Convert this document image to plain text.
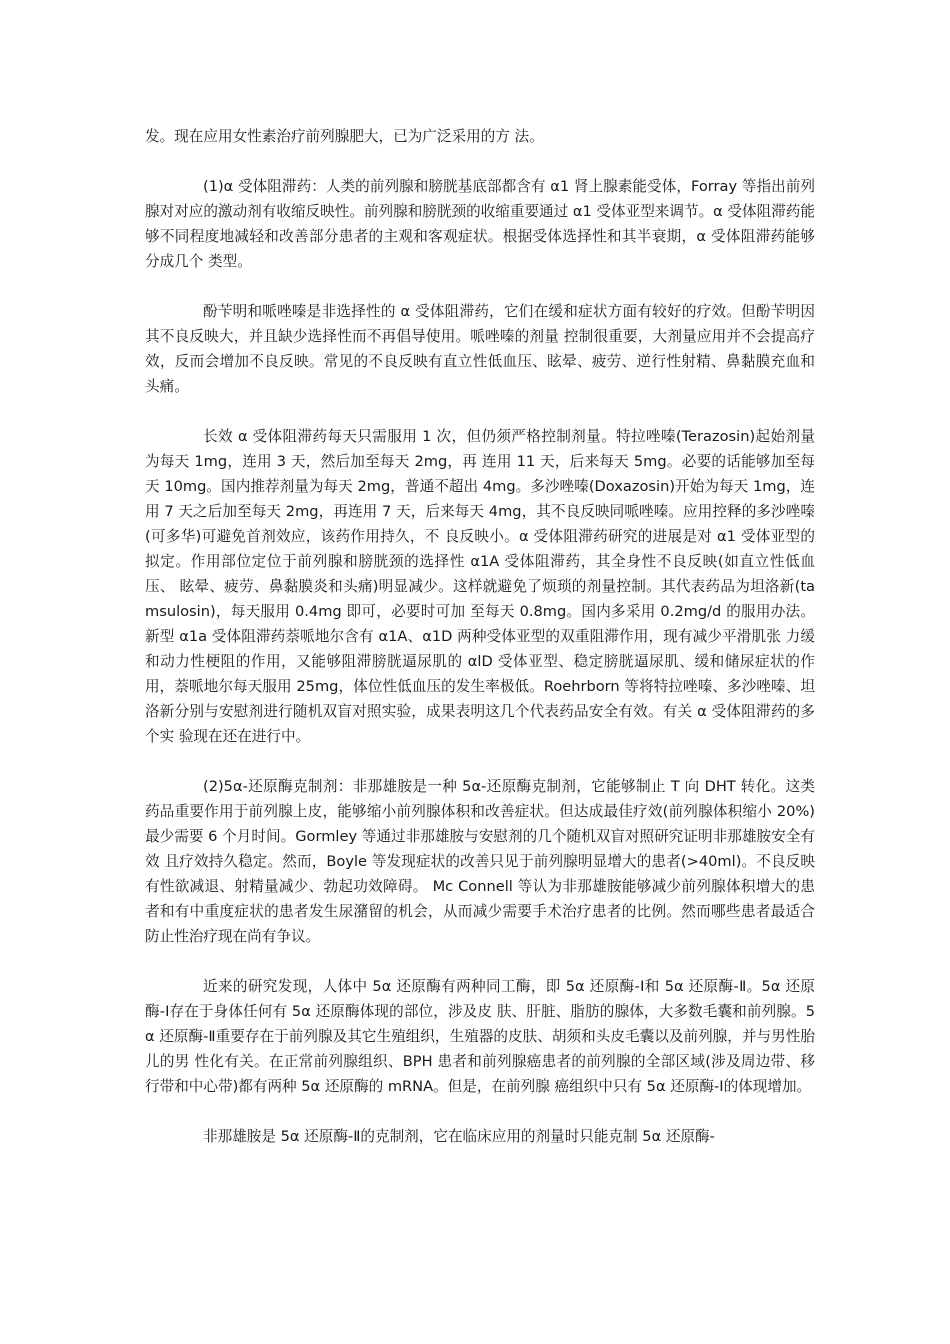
发。现在应用女性素治疗前列腺肥大，已为广泛采用的方 法。

(1)α 受体阻滞药：人类的前列腺和膀胱基底部都含有 α1 肾上腺素能受体，Forray 等指出前列腺对对应的激动剂有收缩反映性。前列腺和膀胱颈的收缩重要通过 α1 受体亚型来调节。α 受体阻滞药能够不同程度地减轻和改善部分患者的主观和客观症状。根据受体选择性和其半衰期，α 受体阻滞药能够分成几个 类型。

酚苄明和哌唑嗪是非选择性的 α 受体阻滞药，它们在缓和症状方面有较好的疗效。但酚苄明因其不良反映大，并且缺少选择性而不再倡导使用。哌唑嗪的剂量 控制很重要，大剂量应用并不会提高疗效，反而会增加不良反映。常见的不良反映有直立性低血压、眩晕、疲劳、逆行性射精、鼻黏膜充血和头痛。

长效 α 受体阻滞药每天只需服用 1 次，但仍须严格控制剂量。特拉唑嗪(Terazosin)起始剂量为每天 1mg，连用 3 天，然后加至每天 2mg，再 连用 11 天，后来每天 5mg。必要的话能够加至每天 10mg。国内推荐剂量为每天 2mg，普通不超出 4mg。多沙唑嗪(Doxazosin)开始为每天 1mg，连用 7 天之后加至每天 2mg，再连用 7 天，后来每天 4mg，其不良反映同哌唑嗪。应用控释的多沙唑嗪(可多华)可避免首剂效应，该药作用持久，不 良反映小。α 受体阻滞药研究的进展是对 α1 受体亚型的拟定。作用部位定位于前列腺和膀胱颈的选择性 α1A 受体阻滞药，其全身性不良反映(如直立性低血压、 眩晕、疲劳、鼻黏膜炎和头痛)明显减少。这样就避免了烦琐的剂量控制。其代表药品为坦洛新(tamsulosin)，每天服用 0.4mg 即可，必要时可加 至每天 0.8mg。国内多采用 0.2mg/d 的服用办法。新型 α1a 受体阻滞药萘哌地尔含有 α1A、α1D 两种受体亚型的双重阻滞作用，现有减少平滑肌张 力缓和动力性梗阻的作用，又能够阻滞膀胱逼尿肌的 αlD 受体亚型、稳定膀胱逼尿肌、缓和储尿症状的作用，萘哌地尔每天服用 25mg，体位性低血压的发生率极低。Roehrborn 等将特拉唑嗪、多沙唑嗪、坦洛新分别与安慰剂进行随机双盲对照实验，成果表明这几个代表药品安全有效。有关 α 受体阻滞药的多个实 验现在还在进行中。

(2)5α-还原酶克制剂：非那雄胺是一种 5α-还原酶克制剂，它能够制止 T 向 DHT 转化。这类药品重要作用于前列腺上皮，能够缩小前列腺体积和改善症状。但达成最佳疗效(前列腺体积缩小 20%)最少需要 6 个月时间。Gormley 等通过非那雄胺与安慰剂的几个随机双盲对照研究证明非那雄胺安全有效 且疗效持久稳定。然而，Boyle 等发现症状的改善只见于前列腺明显增大的患者(>40ml)。不良反映有性欲减退、射精量减少、勃起功效障碍。 Mc Connell 等认为非那雄胺能够减少前列腺体积增大的患者和有中重度症状的患者发生尿潴留的机会，从而减少需要手术治疗患者的比例。然而哪些患者最适合防止性治疗现在尚有争议。

近来的研究发现，人体中 5α 还原酶有两种同工酶，即 5α 还原酶-Ⅰ和 5α 还原酶-Ⅱ。5α 还原酶-Ⅰ存在于身体任何有 5α 还原酶体现的部位，涉及皮 肤、肝脏、脂肪的腺体，大多数毛囊和前列腺。5α 还原酶-Ⅱ重要存在于前列腺及其它生殖组织，生殖器的皮肤、胡须和头皮毛囊以及前列腺，并与男性胎儿的男 性化有关。在正常前列腺组织、BPH 患者和前列腺癌患者的前列腺的全部区域(涉及周边带、移行带和中心带)都有两种 5α 还原酶的 mRNA。但是，在前列腺 癌组织中只有 5α 还原酶-Ⅰ的体现增加。

非那雄胺是 5α 还原酶-Ⅱ的克制剂，它在临床应用的剂量时只能克制 5α 还原酶-
